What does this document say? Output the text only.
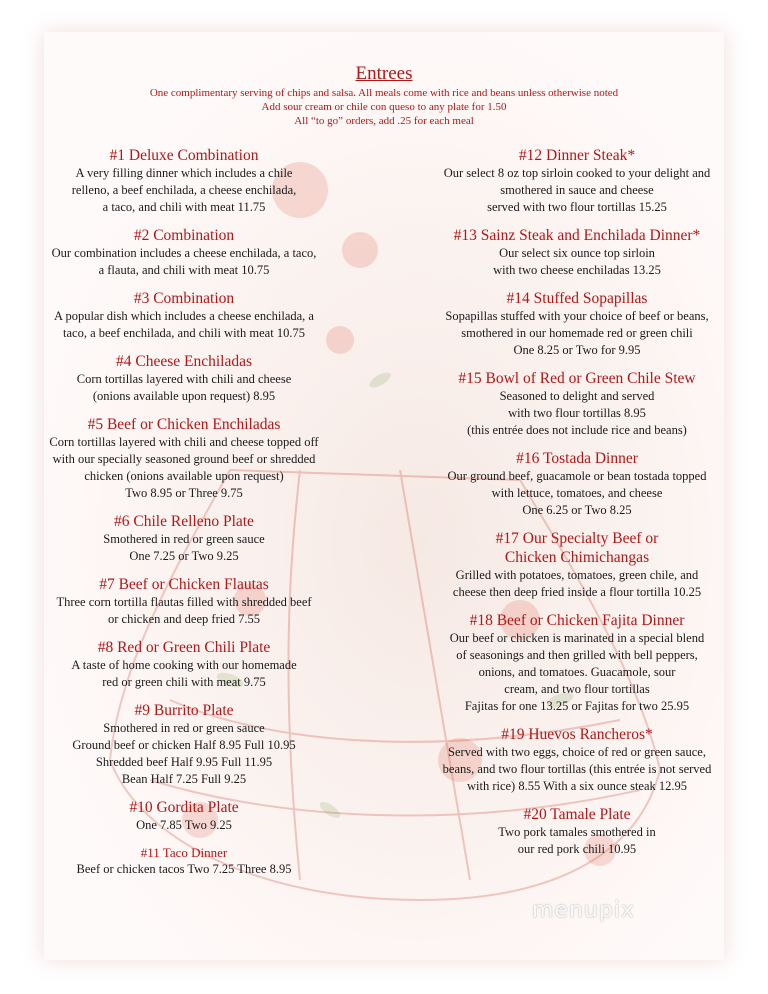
Entrees
One complimentary serving of chips and salsa. All meals come with rice and beans unless otherwise noted
Add sour cream or chile con queso to any plate for 1.50
All “to go” orders, add .25 for each meal
#1 Deluxe Combination
A very filling dinner which includes a chile
relleno, a beef enchilada, a cheese enchilada,
a taco, and chili with meat 11.75
#2 Combination
Our combination includes a cheese enchilada, a taco,
a flauta, and chili with meat 10.75
#3 Combination
A popular dish which includes a cheese enchilada, a
taco, a beef enchilada, and chili with meat 10.75
#4 Cheese Enchiladas
Corn tortillas layered with chili and cheese
(onions available upon request) 8.95
#5 Beef or Chicken Enchiladas
Corn tortillas layered with chili and cheese topped off
with our specially seasoned ground beef or shredded
chicken (onions available upon request)
Two 8.95 or Three 9.75
#6 Chile Relleno Plate
Smothered in red or green sauce
One 7.25 or Two 9.25
#7 Beef or Chicken Flautas
Three corn tortilla flautas filled with shredded beef
or chicken and deep fried 7.55
#8 Red or Green Chili Plate
A taste of home cooking with our homemade
red or green chili with meat 9.75
#9 Burrito Plate
Smothered in red or green sauce
Ground beef or chicken Half 8.95 Full 10.95
Shredded beef Half 9.95 Full 11.95
Bean Half 7.25 Full 9.25
#10 Gordita Plate
One 7.85 Two 9.25
#11 Taco Dinner
Beef or chicken tacos Two 7.25 Three 8.95
#12 Dinner Steak*
Our select 8 oz top sirloin cooked to your delight and
smothered in sauce and cheese
served with two flour tortillas 15.25
#13 Sainz Steak and Enchilada Dinner*
Our select six ounce top sirloin
with two cheese enchiladas 13.25
#14 Stuffed Sopapillas
Sopapillas stuffed with your choice of beef or beans,
smothered in our homemade red or green chili
One 8.25 or Two for 9.95
#15 Bowl of Red or Green Chile Stew
Seasoned to delight and served
with two flour tortillas 8.95
(this entrée does not include rice and beans)
#16 Tostada Dinner
Our ground beef, guacamole or bean tostada topped
with lettuce, tomatoes, and cheese
One 6.25 or Two 8.25
#17 Our Specialty Beef or
Chicken Chimichangas
Grilled with potatoes, tomatoes, green chile, and
cheese then deep fried inside a flour tortilla 10.25
#18 Beef or Chicken Fajita Dinner
Our beef or chicken is marinated in a special blend
of seasonings and then grilled with bell peppers,
onions, and tomatoes. Guacamole, sour
cream, and two flour tortillas
Fajitas for one 13.25 or Fajitas for two 25.95
#19 Huevos Rancheros*
Served with two eggs, choice of red or green sauce,
beans, and two flour tortillas (this entrée is not served
with rice) 8.55 With a six ounce steak 12.95
#20 Tamale Plate
Two pork tamales smothered in
our red pork chili 10.95
menupix
